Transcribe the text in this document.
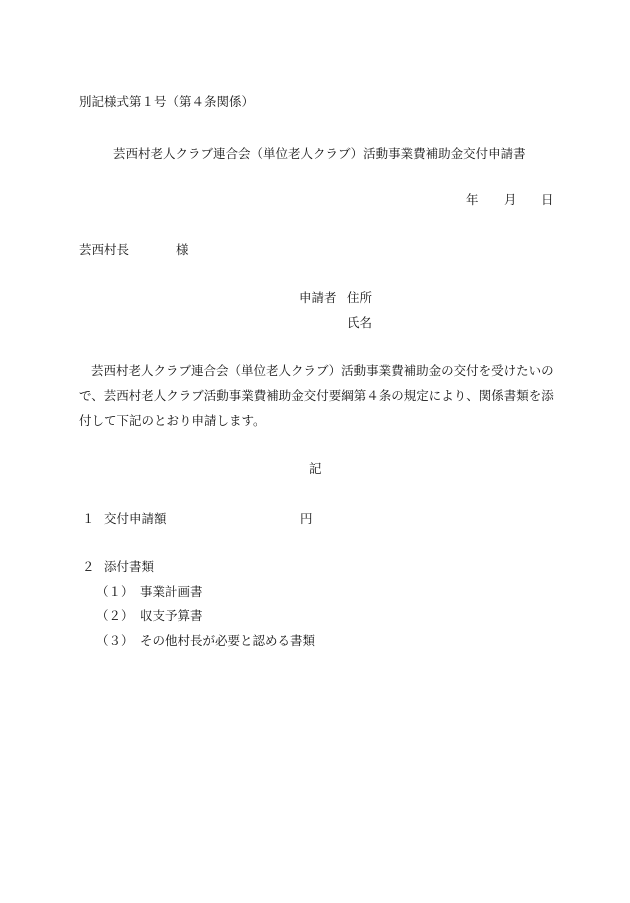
別記様式第１号（第４条関係）
芸西村老人クラブ連合会（単位老人クラブ）活動事業費補助金交付申請書
年 月 日
芸西村長	様
申請者 住所
氏名
芸西村老人クラブ連合会（単位老人クラブ）活動事業費補助金の交付を受けたいの
で、芸西村老人クラブ活動事業費補助金交付要綱第４条の規定により、関係書類を添
付して下記のとおり申請します。
記
１ 交付申請額	円
２ 添付書類
（１） 事業計画書
（２） 収支予算書
（３） その他村長が必要と認める書類
